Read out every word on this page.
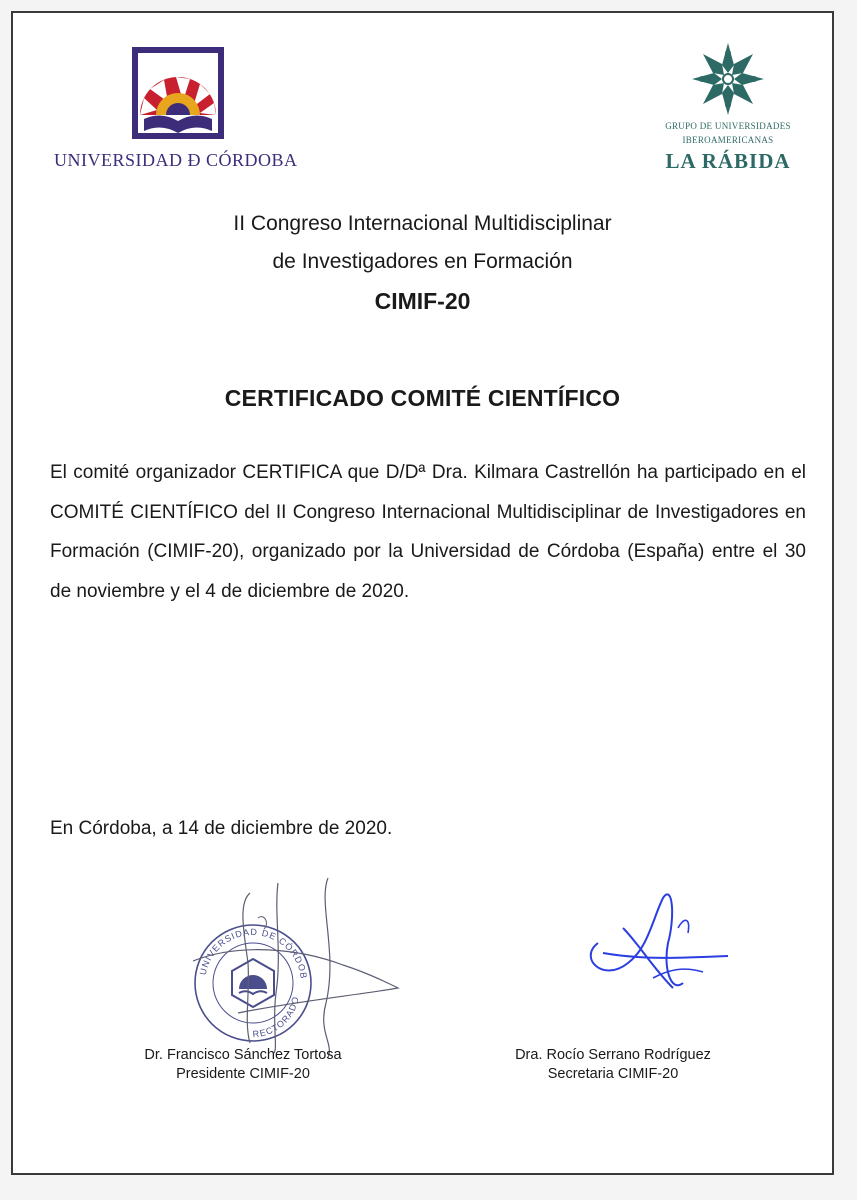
UNIVERSIDAD Ð CÓRDOBA
GRUPO DE UNIVERSIDADES
IBEROAMERICANAS
LA RÁBIDA
II Congreso Internacional Multidisciplinar
de Investigadores en Formación
CIMIF-20
CERTIFICADO COMITÉ CIENTÍFICO
El comité organizador CERTIFICA que D/Dª Dra. Kilmara Castrellón ha participado en el COMITÉ CIENTÍFICO del II Congreso Internacional Multidisciplinar de Investigadores en Formación (CIMIF-20), organizado por la Universidad de Córdoba (España) entre el 30 de noviembre y el 4 de diciembre de 2020.
En Córdoba, a 14 de diciembre de 2020.
UNIVERSIDAD DE CÓRDOB
RECTORADO
Dr. Francisco Sánchez Tortosa
Presidente CIMIF-20
Dra. Rocío Serrano Rodríguez
Secretaria CIMIF-20
